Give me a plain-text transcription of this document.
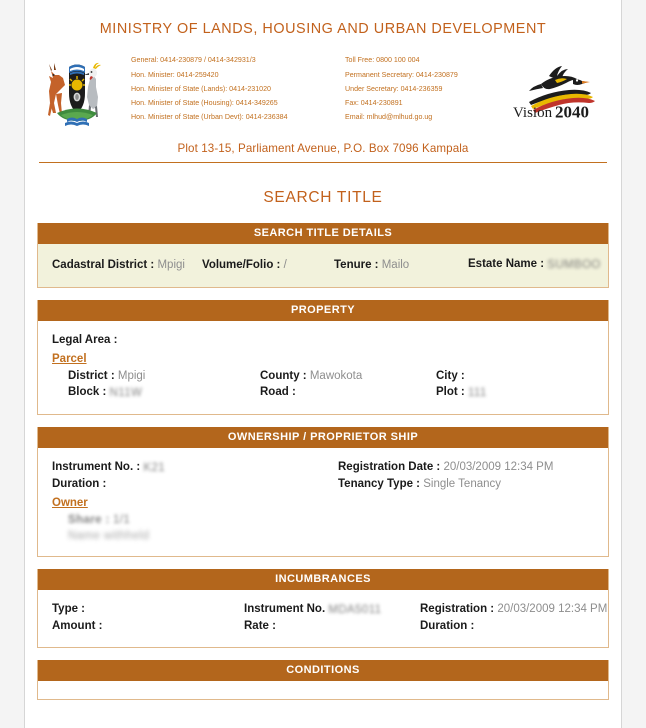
MINISTRY OF LANDS, HOUSING AND URBAN DEVELOPMENT
General: 0414-230879 / 0414-342931/3
Hon. Minister: 0414-259420
Hon. Minister of State (Lands): 0414-231020
Hon. Minister of State (Housing): 0414-349265
Hon. Minister of State (Urban Devt): 0414-236384
Toll Free: 0800 100 004
Permanent Secretary: 0414-230879
Under Secretary: 0414-236359
Fax: 0414-230891
Email: mlhud@mlhud.go.ug	Vision 2040
Plot 13-15, Parliament Avenue, P.O. Box 7096 Kampala
SEARCH TITLE
SEARCH TITLE DETAILS
Cadastral District : Mpigi	Volume/Folio : /	Tenure : Mailo	Estate Name : SUMBOO
PROPERTY
Legal Area :
Parcel
District : Mpigi	County : Mawokota	City :
Block : N11W	Road :	Plot : 111
OWNERSHIP / PROPRIETOR SHIP
Instrument No. : K21	Registration Date : 20/03/2009 12:34 PM
Duration :	Tenancy Type : Single Tenancy
Owner
Share : 1/1
Name withheld
INCUMBRANCES
Type :	Instrument No. MDA5011	Registration : 20/03/2009 12:34 PM
Amount :	Rate :	Duration :
CONDITIONS
